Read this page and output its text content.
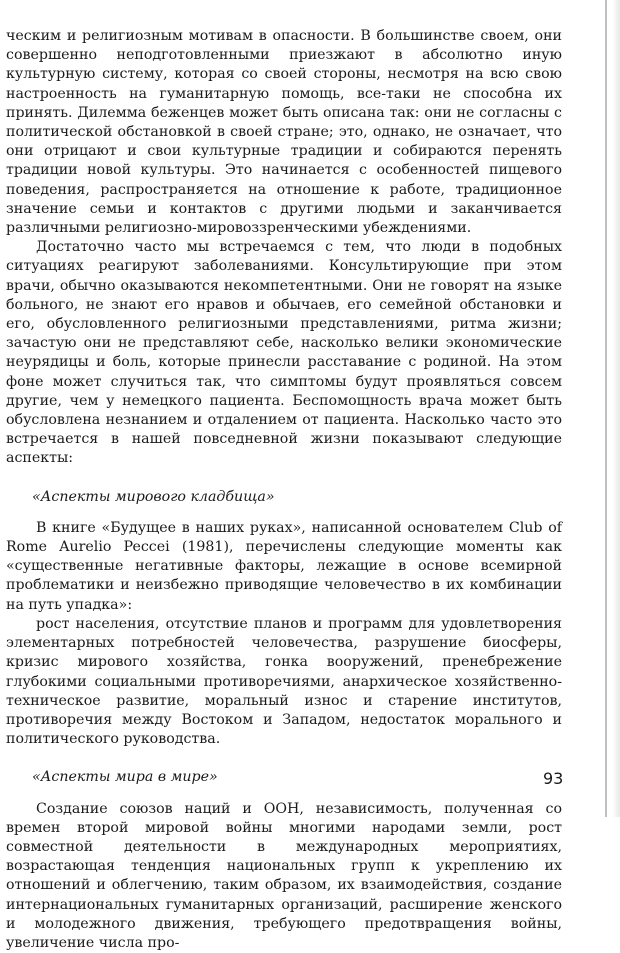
ческим и религиозным мотивам в опасности. В большинстве своем, они совершенно неподготовленными приезжают в абсолютно иную культурную систему, которая со своей стороны, несмотря на всю свою настроенность на гуманитарную помощь, все-таки не способна их принять. Дилемма беженцев может быть описана так: они не согласны с политической обстановкой в своей стране; это, однако, не означает, что они отрицают и свои культурные традиции и собираются перенять традиции новой культуры. Это начинается с особенностей пищевого поведения, распространяется на отношение к работе, традиционное значение семьи и контактов с другими людьми и заканчивается различными религиозно-мировоззренческими убеждениями.

Достаточно часто мы встречаемся с тем, что люди в подобных ситуациях реагируют заболеваниями. Консультирующие при этом врачи, обычно оказываются некомпетентными. Они не говорят на языке больного, не знают его нравов и обычаев, его семейной обстановки и его, обусловленного религиозными представлениями, ритма жизни; зачастую они не представляют себе, насколько велики экономические неурядицы и боль, которые принесли расставание с родиной. На этом фоне может случиться так, что симптомы будут проявляться совсем другие, чем у немецкого пациента. Беспомощность врача может быть обусловлена незнанием и отдалением от пациента. Насколько часто это встречается в нашей повседневной жизни показывают следующие аспекты:

«Аспекты мирового кладбища»

В книге «Будущее в наших руках», написанной основателем Club of Rome Aurelio Peccei (1981), перечислены следующие моменты как «существенные негативные факторы, лежащие в основе всемирной проблематики и неизбежно приводящие человечество в их комбинации на путь упадка»:

рост населения, отсутствие планов и программ для удовлетворения элементарных потребностей человечества, разрушение биосферы, кризис мирового хозяйства, гонка вооружений, пренебрежение глубокими социальными противоречиями, анархическое хозяйственно-техническое развитие, моральный износ и старение институтов, противоречия между Востоком и Западом, недостаток морального и политического руководства.

«Аспекты мира в мире»

Создание союзов наций и ООН, независимость, полученная со времен второй мировой войны многими народами земли, рост совместной деятельности в международных мероприятиях, возрастающая тенденция национальных групп к укреплению их отношений и облегчению, таким образом, их взаимодействия, создание интернациональных гуманитарных организаций, расширение женского и молодежного движения, требующего предотвращения войны, увеличение числа про-

93
